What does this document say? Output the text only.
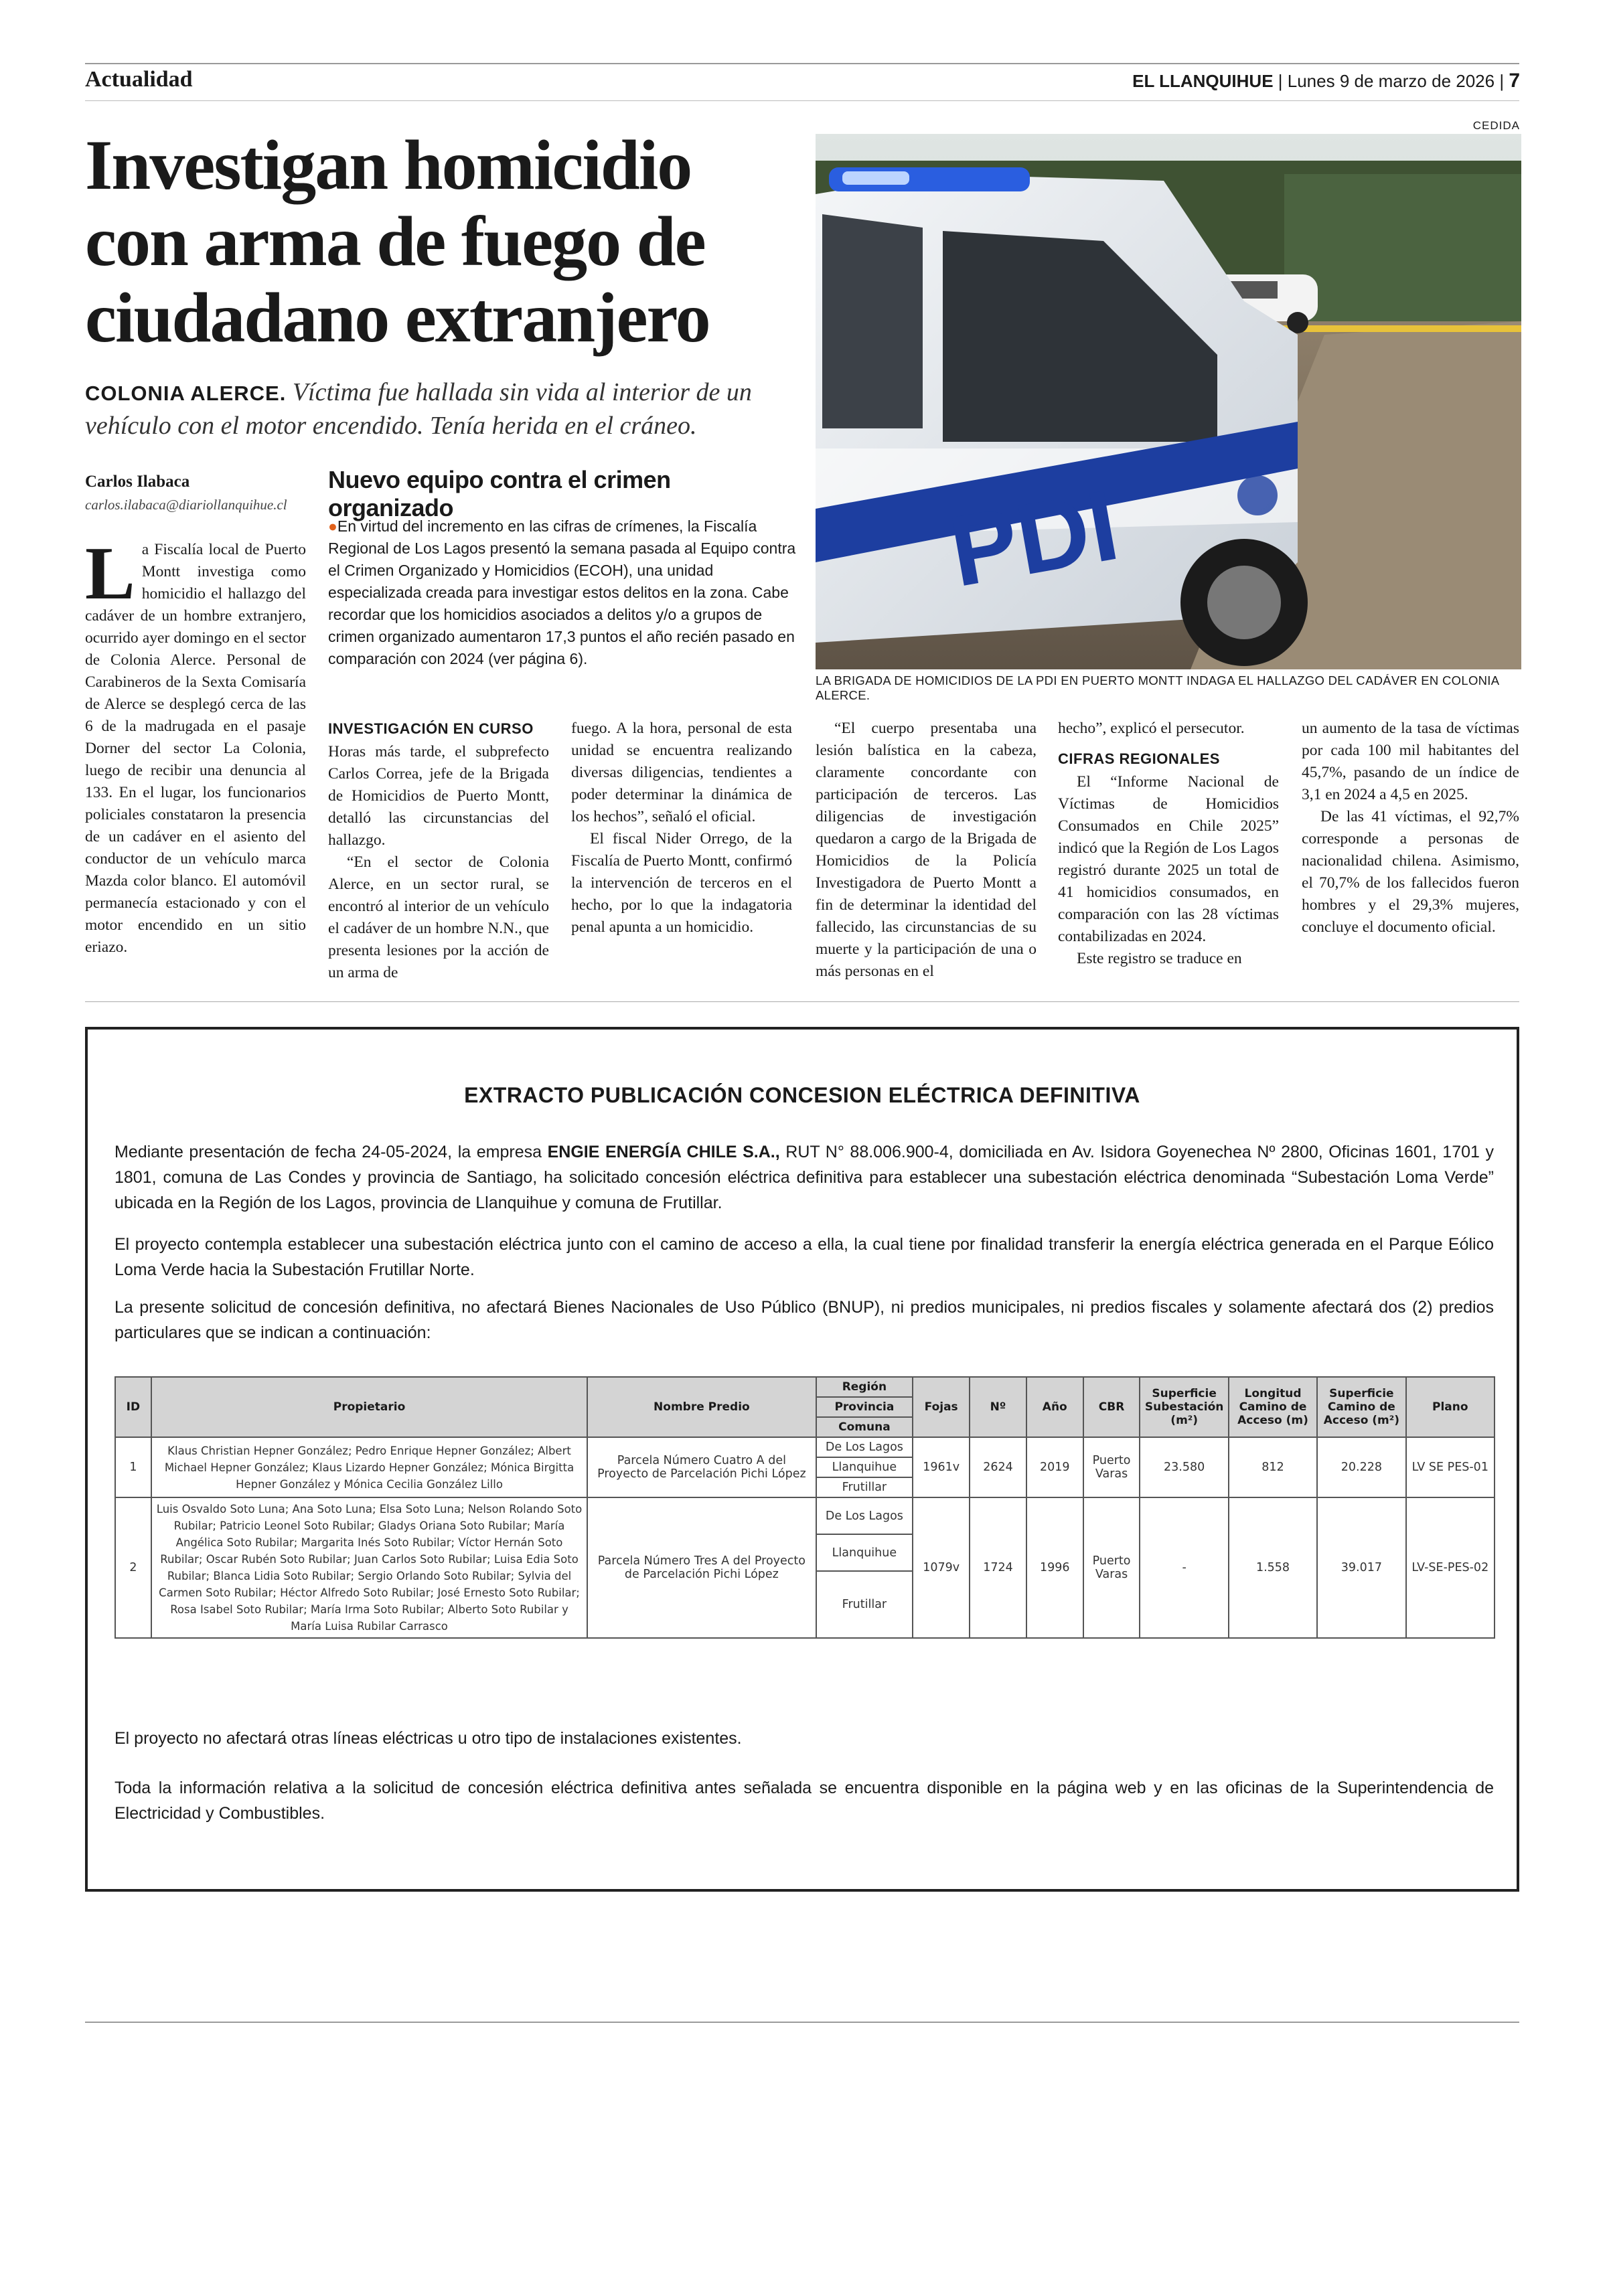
Actualidad	EL LLANQUIHUE | Lunes 9 de marzo de 2026 | 7
Investigan homicidio con arma de fuego de ciudadano extranjero
COLONIA ALERCE. Víctima fue hallada sin vida al interior de un vehículo con el motor encendido. Tenía herida en el cráneo.
Carlos Ilabaca
carlos.ilabaca@diariollanquihue.cl
Nuevo equipo contra el crimen organizado
●En virtud del incremento en las cifras de crímenes, la Fiscalía Regional de Los Lagos presentó la semana pasada al Equipo contra el Crimen Organizado y Homicidios (ECOH), una unidad especializada creada para investigar estos delitos en la zona. Cabe recordar que los homicidios asociados a delitos y/o a grupos de crimen organizado aumentaron 17,3 puntos el año recién pasado en comparación con 2024 (ver página 6).
CEDIDA
PDI
LA BRIGADA DE HOMICIDIOS DE LA PDI EN PUERTO MONTT INDAGA EL HALLAZGO DEL CADÁVER EN COLONIA ALERCE.

La Fiscalía local de Puerto Montt investiga como homicidio el hallazgo del cadáver de un hombre extranjero, ocurrido ayer domingo en el sector de Colonia Alerce. Personal de Carabineros de la Sexta Comisaría de Alerce se desplegó cerca de las 6 de la madrugada en el pasaje Dorner del sector La Colonia, luego de recibir una denuncia al 133. En el lugar, los funcionarios policiales constataron la presencia de un cadáver en el asiento del conductor de un vehículo marca Mazda color blanco. El automóvil permanecía estacionado y con el motor encendido en un sitio eriazo.

INVESTIGACIÓN EN CURSO

Horas más tarde, el subprefecto Carlos Correa, jefe de la Brigada de Homicidios de Puerto Montt, detalló las circunstancias del hallazgo.

“En el sector de Colonia Alerce, en un sector rural, se encontró al interior de un vehículo el cadáver de un hombre N.N., que presenta lesiones por la acción de un arma de

fuego. A la hora, personal de esta unidad se encuentra realizando diversas diligencias, tendientes a poder determinar la dinámica de los hechos”, señaló el oficial.

El fiscal Nider Orrego, de la Fiscalía de Puerto Montt, confirmó la intervención de terceros en el hecho, por lo que la indagatoria penal apunta a un homicidio.

“El cuerpo presentaba una lesión balística en la cabeza, claramente concordante con participación de terceros. Las diligencias de investigación quedaron a cargo de la Brigada de Homicidios de la Policía Investigadora de Puerto Montt a fin de determinar la identidad del fallecido, las circunstancias de su muerte y la participación de una o más personas en el

hecho”, explicó el persecutor.

CIFRAS REGIONALES

El “Informe Nacional de Víctimas de Homicidios Consumados en Chile 2025” indicó que la Región de Los Lagos registró durante 2025 un total de 41 homicidios consumados, en comparación con las 28 víctimas contabilizadas en 2024.

Este registro se traduce en

un aumento de la tasa de víctimas por cada 100 mil habitantes del 45,7%, pasando de un índice de 3,1 en 2024 a 4,5 en 2025.

De las 41 víctimas, el 92,7% corresponde a personas de nacionalidad chilena. Asimismo, el 70,7% de los fallecidos fueron hombres y el 29,3% mujeres, concluye el documento oficial.

EXTRACTO PUBLICACIÓN CONCESION ELÉCTRICA DEFINITIVA
Mediante presentación de fecha 24-05-2024, la empresa ENGIE ENERGÍA CHILE S.A., RUT N° 88.006.900-4, domiciliada en Av. Isidora Goyenechea Nº 2800, Oficinas 1601, 1701 y 1801, comuna de Las Condes y provincia de Santiago, ha solicitado concesión eléctrica definitiva para establecer una subestación eléctrica denominada “Subestación Loma Verde” ubicada en la Región de los Lagos, provincia de Llanquihue y comuna de Frutillar.
El proyecto contempla establecer una subestación eléctrica junto con el camino de acceso a ella, la cual tiene por finalidad transferir la energía eléctrica generada en el Parque Eólico Loma Verde hacia la Subestación Frutillar Norte.
La presente solicitud de concesión definitiva, no afectará Bienes Nacionales de Uso Público (BNUP), ni predios municipales, ni predios fiscales y solamente afectará dos (2) predios particulares que se indican a continuación:
ID	Propietario	Nombre Predio	Región	Fojas	Nº	Año	CBR	Superficie Subestación (m²)	Longitud Camino de Acceso (m)	Superficie Camino de Acceso (m²)	Plano
			Provincia								
			Comuna								
1	Klaus Christian Hepner González; Pedro Enrique Hepner González; Albert Michael Hepner González; Klaus Lizardo Hepner González; Mónica Birgitta Hepner González y Mónica Cecilia González Lillo	Parcela Número Cuatro A del Proyecto de Parcelación Pichi López	De Los Lagos	1961v	2624	2019	Puerto Varas	23.580	812	20.228	LV SE PES-01
			Llanquihue								
			Frutillar								
2	Luis Osvaldo Soto Luna; Ana Soto Luna; Elsa Soto Luna; Nelson Rolando Soto Rubilar; Patricio Leonel Soto Rubilar; Gladys Oriana Soto Rubilar; María Angélica Soto Rubilar; Margarita Inés Soto Rubilar; Víctor Hernán Soto Rubilar; Oscar Rubén Soto Rubilar; Juan Carlos Soto Rubilar; Luisa Edia Soto Rubilar; Blanca Lidia Soto Rubilar; Sergio Orlando Soto Rubilar; Sylvia del Carmen Soto Rubilar; Héctor Alfredo Soto Rubilar; José Ernesto Soto Rubilar; Rosa Isabel Soto Rubilar; María Irma Soto Rubilar; Alberto Soto Rubilar y María Luisa Rubilar Carrasco	Parcela Número Tres A del Proyecto de Parcelación Pichi López	De Los Lagos	1079v	1724	1996	Puerto Varas	-	1.558	39.017	LV-SE-PES-02
			Llanquihue								
			Frutillar								
El proyecto no afectará otras líneas eléctricas u otro tipo de instalaciones existentes.
Toda la información relativa a la solicitud de concesión eléctrica definitiva antes señalada se encuentra disponible en la página web y en las oficinas de la Superintendencia de Electricidad y Combustibles.
